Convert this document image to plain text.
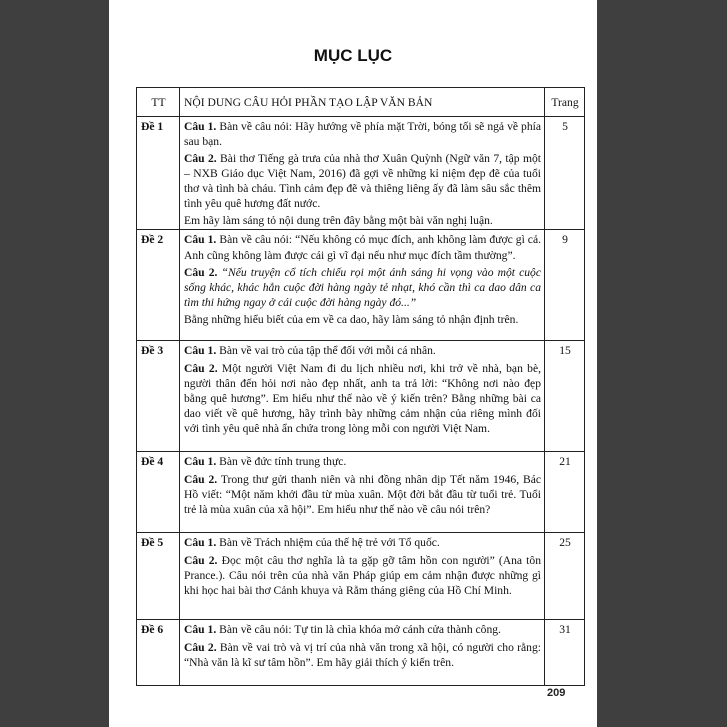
MỤC LỤC
TT	NỘI DUNG CÂU HỎI PHẦN TẠO LẬP VĂN BẢN	Trang
Đề 1	Câu 1. Bàn về câu nói: Hãy hướng về phía mặt Trời, bóng tối sẽ ngả về phía sau bạn.
Câu 2. Bài thơ Tiếng gà trưa của nhà thơ Xuân Quỳnh (Ngữ văn 7, tập một – NXB Giáo dục Việt Nam, 2016) đã gợi về những kỉ niệm đẹp đẽ của tuổi thơ và tình bà cháu. Tình cảm đẹp đẽ và thiêng liêng ấy đã làm sâu sắc thêm tình yêu quê hương đất nước.
Em hãy làm sáng tỏ nội dung trên đây bằng một bài văn nghị luận.	5
Đề 2	Câu 1. Bàn về câu nói: “Nếu không có mục đích, anh không làm được gì cả. Anh cũng không làm được cái gì vĩ đại nếu như mục đích tầm thường”.
Câu 2. “Nếu truyện cổ tích chiếu rọi một ánh sáng hi vọng vào một cuộc sống khác, khác hẳn cuộc đời hàng ngày tẻ nhạt, khó cần thì ca dao dân ca tìm thi hứng ngay ở cái cuộc đời hàng ngày đó...”
Bằng những hiểu biết của em về ca dao, hãy làm sáng tỏ nhận định trên.	9
Đề 3	Câu 1. Bàn về vai trò của tập thể đối với mỗi cá nhân.
Câu 2. Một người Việt Nam đi du lịch nhiều nơi, khi trở về nhà, bạn bè, người thân đến hỏi nơi nào đẹp nhất, anh ta trả lời: “Không nơi nào đẹp bằng quê hương”. Em hiểu như thế nào về ý kiến trên? Bằng những bài ca dao viết về quê hương, hãy trình bày những cảm nhận của riêng mình đối với tình yêu quê nhà ẩn chứa trong lòng mỗi con người Việt Nam.	15
Đề 4	Câu 1. Bàn về đức tính trung thực.
Câu 2. Trong thư gửi thanh niên và nhi đồng nhân dịp Tết năm 1946, Bác Hồ viết: “Một năm khởi đầu từ mùa xuân. Một đời bắt đầu từ tuổi trẻ. Tuổi trẻ là mùa xuân của xã hội”. Em hiểu như thế nào về câu nói trên?	21
Đề 5	Câu 1. Bàn về Trách nhiệm của thế hệ trẻ với Tổ quốc.
Câu 2. Đọc một câu thơ nghĩa là ta gặp gỡ tâm hồn con người” (Ana tôn Prance.). Câu nói trên của nhà văn Pháp giúp em cảm nhận được những gì khi học hai bài thơ Cảnh khuya và Rằm tháng giêng của Hồ Chí Minh.	25
Đề 6	Câu 1. Bàn về câu nói: Tự tin là chìa khóa mở cánh cửa thành công.
Câu 2. Bàn về vai trò và vị trí của nhà văn trong xã hội, có người cho rằng: “Nhà văn là kĩ sư tâm hồn”. Em hãy giải thích ý kiến trên.	31
209
